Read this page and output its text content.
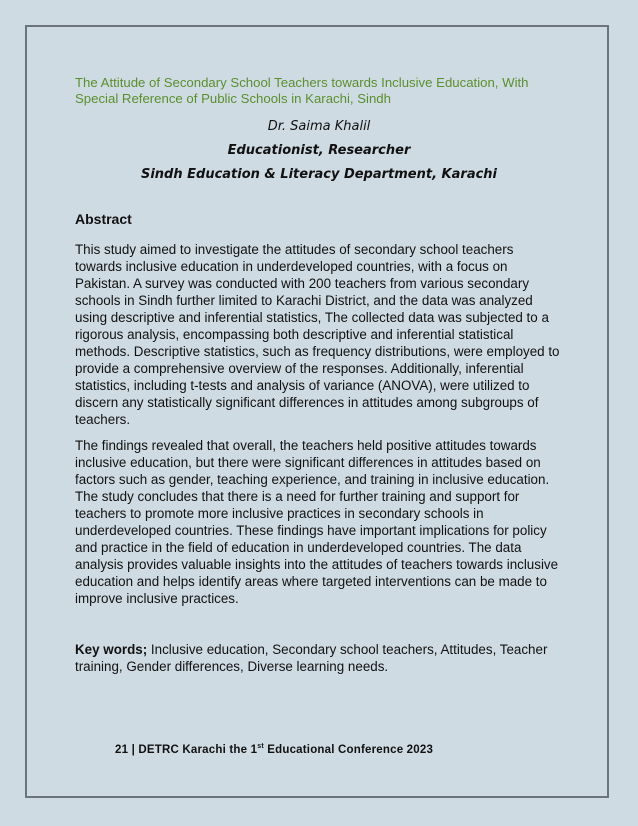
The Attitude of Secondary School Teachers towards Inclusive Education, With Special Reference of Public Schools in Karachi, Sindh
Dr. Saima Khalil
Educationist, Researcher
Sindh Education & Literacy Department, Karachi
Abstract

This study aimed to investigate the attitudes of secondary school teachers towards inclusive education in underdeveloped countries, with a focus on Pakistan. A survey was conducted with 200 teachers from various secondary schools in Sindh further limited to Karachi District, and the data was analyzed using descriptive and inferential statistics, The collected data was subjected to a rigorous analysis, encompassing both descriptive and inferential statistical methods. Descriptive statistics, such as frequency distributions, were employed to provide a comprehensive overview of the responses. Additionally, inferential statistics, including t-tests and analysis of variance (ANOVA), were utilized to discern any statistically significant differences in attitudes among subgroups of teachers.

The findings revealed that overall, the teachers held positive attitudes towards inclusive education, but there were significant differences in attitudes based on factors such as gender, teaching experience, and training in inclusive education. The study concludes that there is a need for further training and support for teachers to promote more inclusive practices in secondary schools in underdeveloped countries. These findings have important implications for policy and practice in the field of education in underdeveloped countries. The data analysis provides valuable insights into the attitudes of teachers towards inclusive education and helps identify areas where targeted interventions can be made to improve inclusive practices.

Key words; Inclusive education, Secondary school teachers, Attitudes, Teacher training, Gender differences, Diverse learning needs.
21 | DETRC Karachi the 1st Educational Conference 2023
